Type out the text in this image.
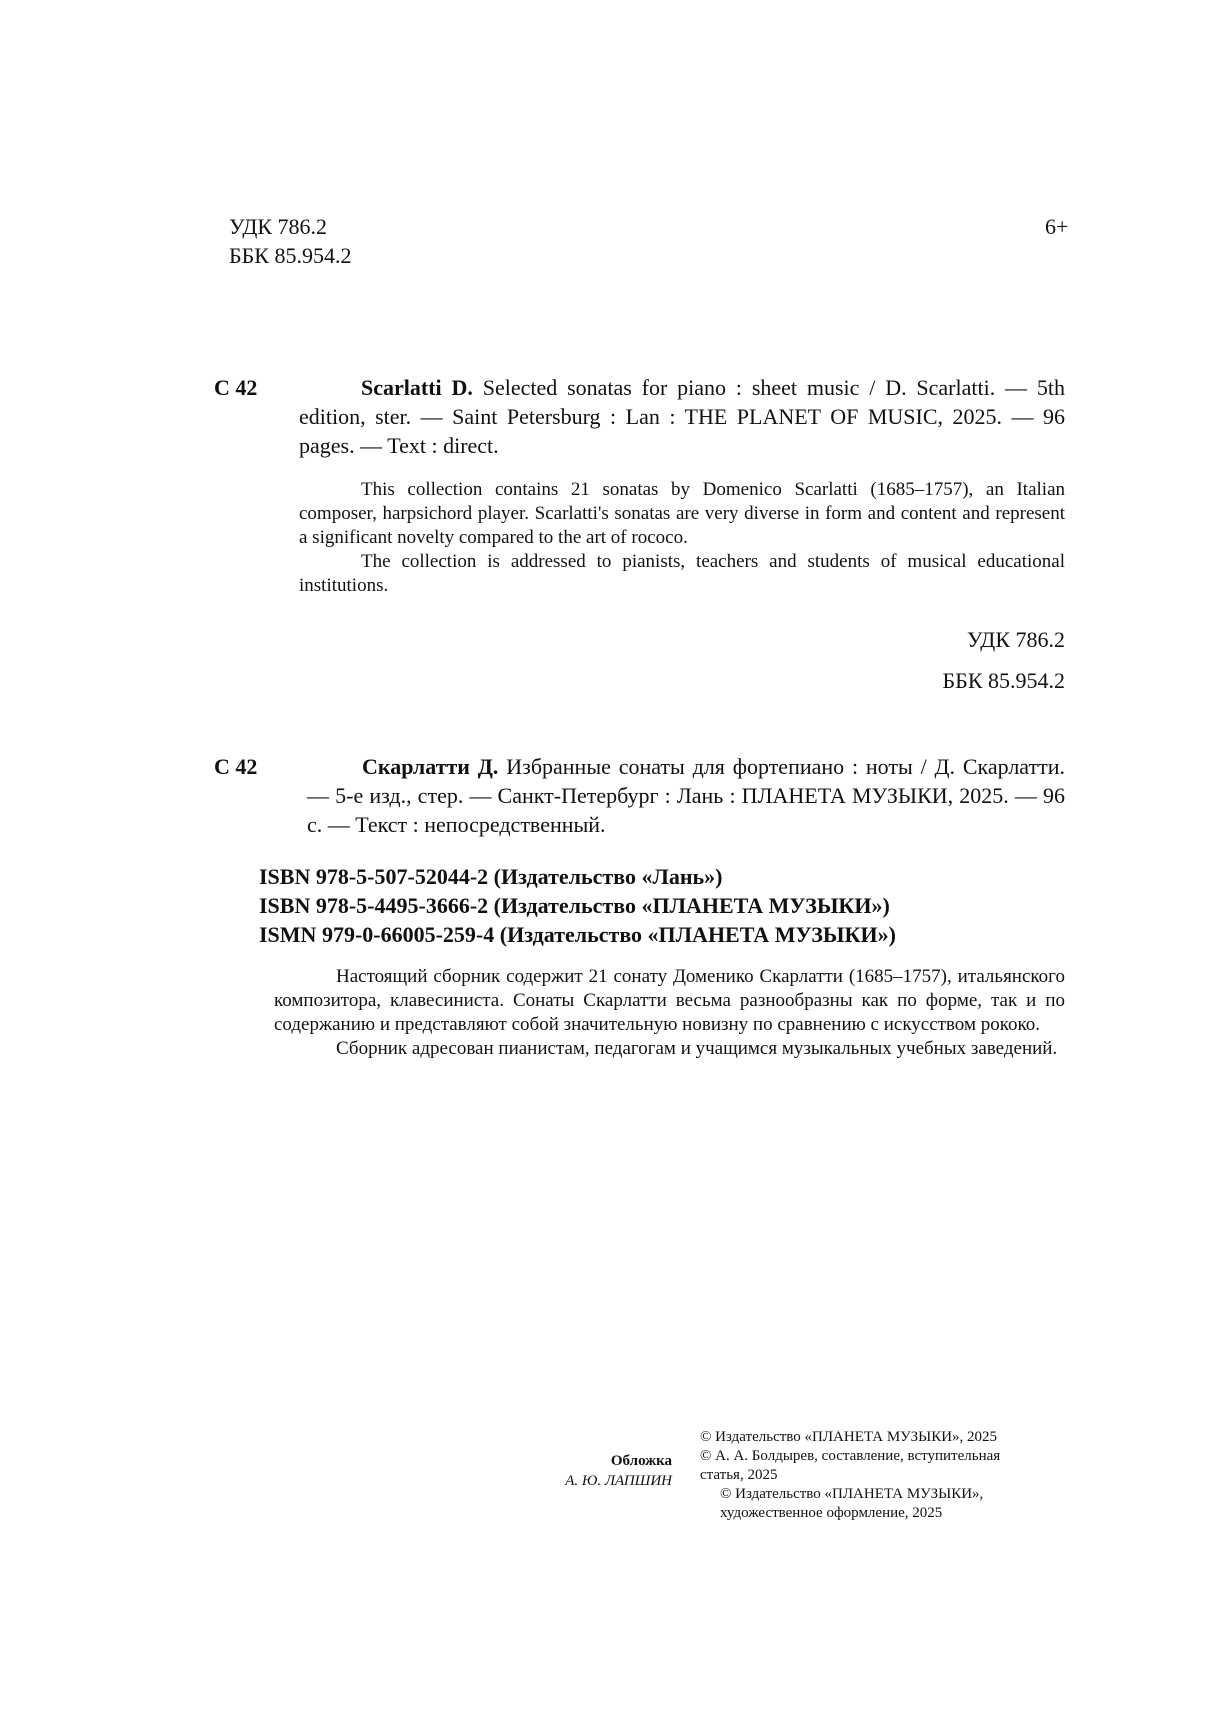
УДК 786.2
ББК 85.954.2
6+
С 42	Scarlatti D. Selected sonatas for piano : sheet music / D. Scarlatti. — 5th edition, ster. — Saint Petersburg : Lan : THE PLANET OF MUSIC, 2025. — 96 pages. — Text : direct.

This collection contains 21 sonatas by Domenico Scarlatti (1685–1757), an Italian composer, harpsichord player. Scarlatti's sonatas are very diverse in form and content and represent a significant novelty compared to the art of rococo.

The collection is addressed to pianists, teachers and students of musical educational institutions.

УДК 786.2
ББК 85.954.2
С 42	Скарлатти Д. Избранные сонаты для фортепиано : ноты / Д. Скарлатти. — 5-е изд., стер. — Санкт-Петербург : Лань : ПЛАНЕТА МУЗЫКИ, 2025. — 96 с. — Текст : непосредственный.
ISBN 978-5-507-52044-2 (Издательство «Лань»)
ISBN 978-5-4495-3666-2 (Издательство «ПЛАНЕТА МУЗЫКИ»)
ISMN 979-0-66005-259-4 (Издательство «ПЛАНЕТА МУЗЫКИ»)

Настоящий сборник содержит 21 сонату Доменико Скарлатти (1685–1757), итальянского композитора, клавесиниста. Сонаты Скарлатти весьма разнообразны как по форме, так и по содержанию и представляют собой значительную новизну по сравнению с искусством рококо.

Сборник адресован пианистам, педагогам и учащимся музыкальных учебных заведений.

Обложка
А. Ю. ЛАПШИН
© Издательство «ПЛАНЕТА МУЗЫКИ», 2025
© А. А. Болдырев, составление, вступительная статья, 2025
© Издательство «ПЛАНЕТА МУЗЫКИ», художественное оформление, 2025
